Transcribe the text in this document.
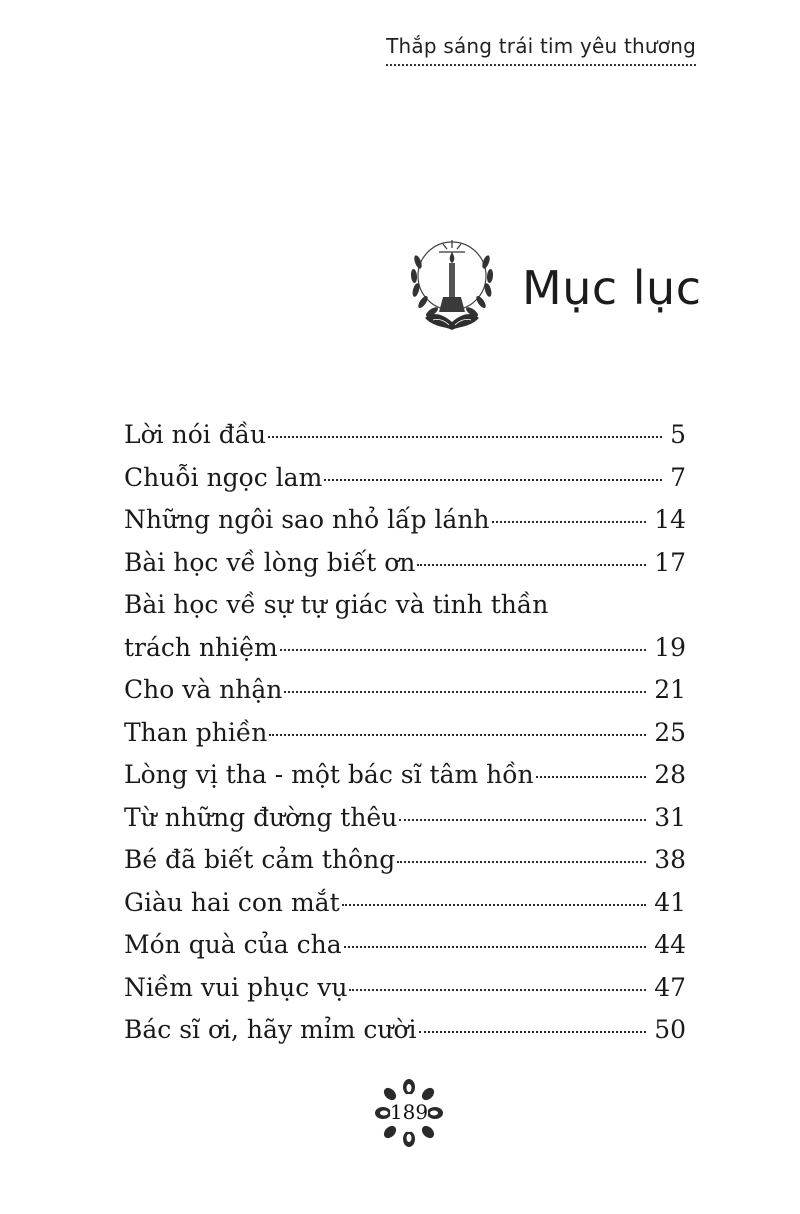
Thắp sáng trái tim yêu thương
Mục lục
Lời nói đầu	5
Chuỗi ngọc lam	7
Những ngôi sao nhỏ lấp lánh	14
Bài học về lòng biết ơn	17
Bài học về sự tự giác và tinh thần
trách nhiệm	19
Cho và nhận	21
Than phiền	25
Lòng vị tha - một bác sĩ tâm hồn	28
Từ những đường thêu	31
Bé đã biết cảm thông	38
Giàu hai con mắt	41
Món quà của cha	44
Niềm vui phục vụ	47
Bác sĩ ơi, hãy mỉm cười	50
189
